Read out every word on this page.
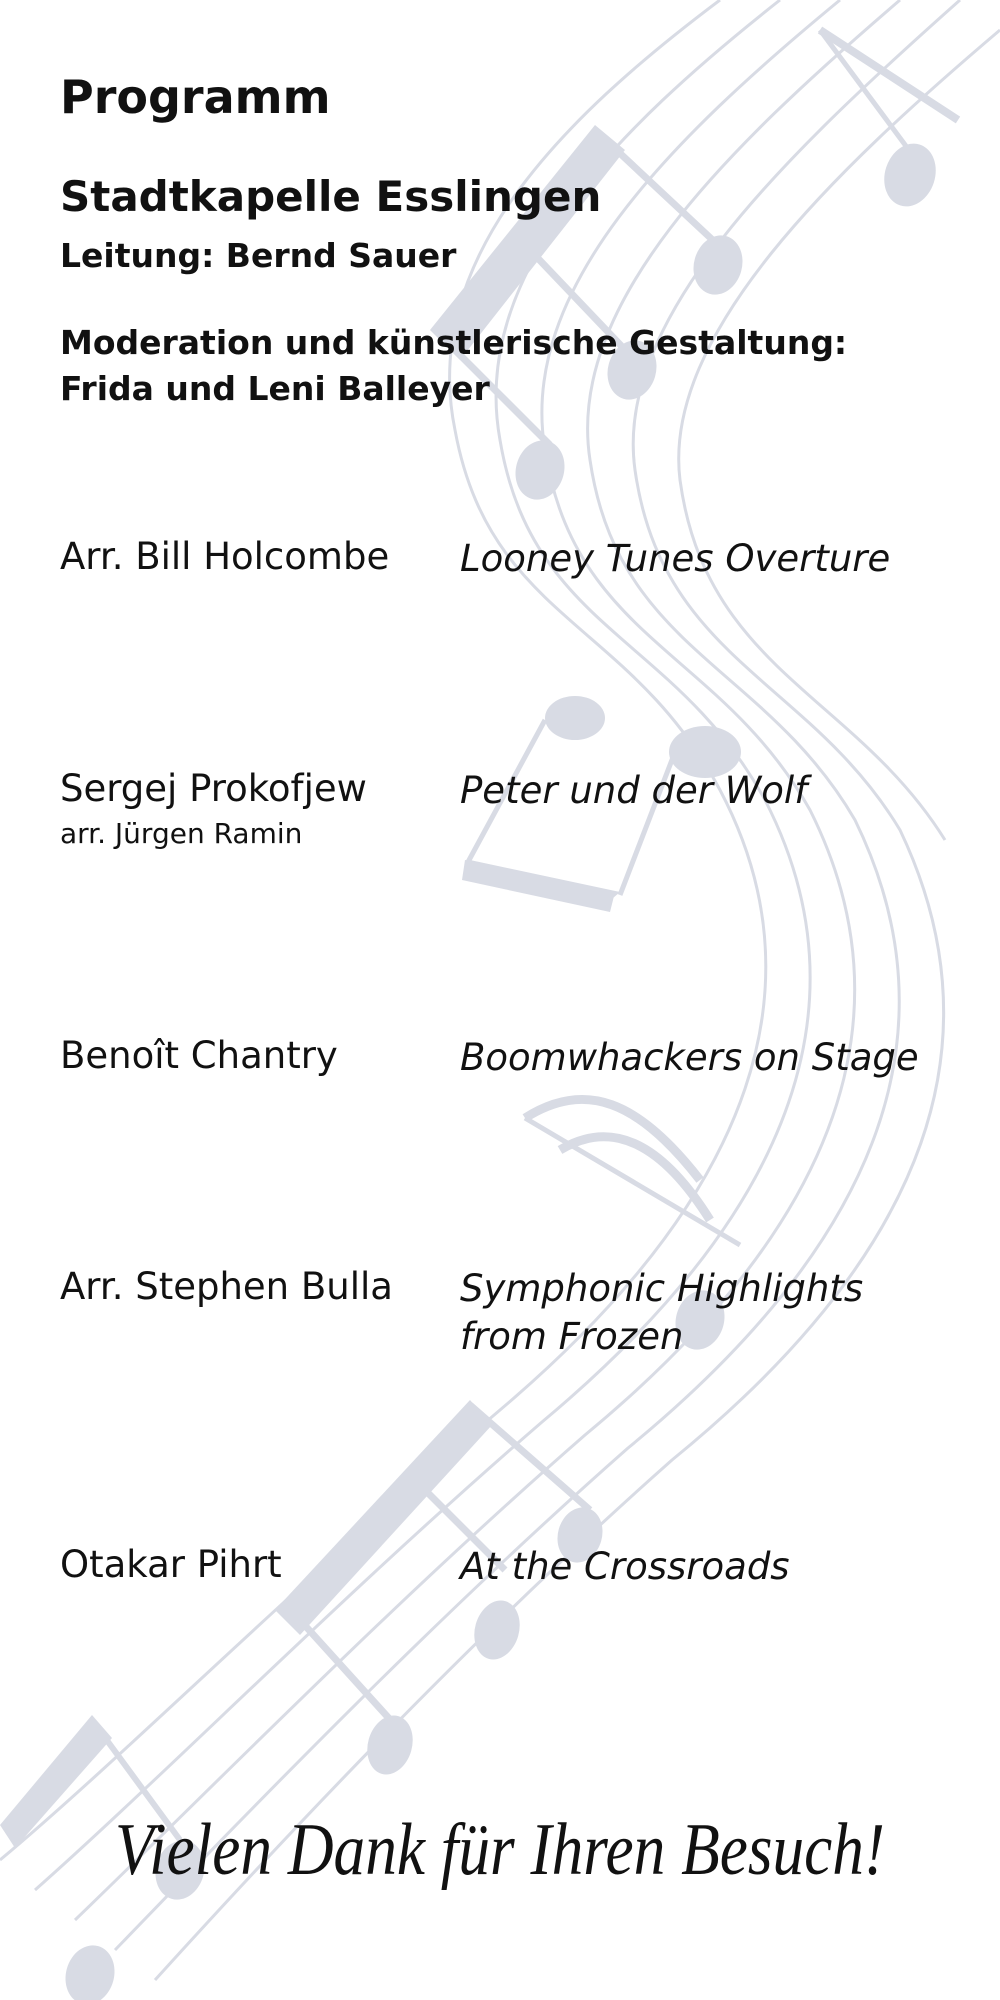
Programm
Stadtkapelle Esslingen
Leitung: Bernd Sauer
Moderation und künstlerische Gestaltung:
Frida und Leni Balleyer
Arr. Bill Holcombe Looney Tunes Overture
Sergej Prokofjew
arr. Jürgen Ramin
Peter und der Wolf
Benoît Chantry	Boomwhackers on Stage
Arr. Stephen Bulla Symphonic Highlights
from Frozen
Otakar Pihrt	At the Crossroads
Vielen Dank für Ihren Besuch!
